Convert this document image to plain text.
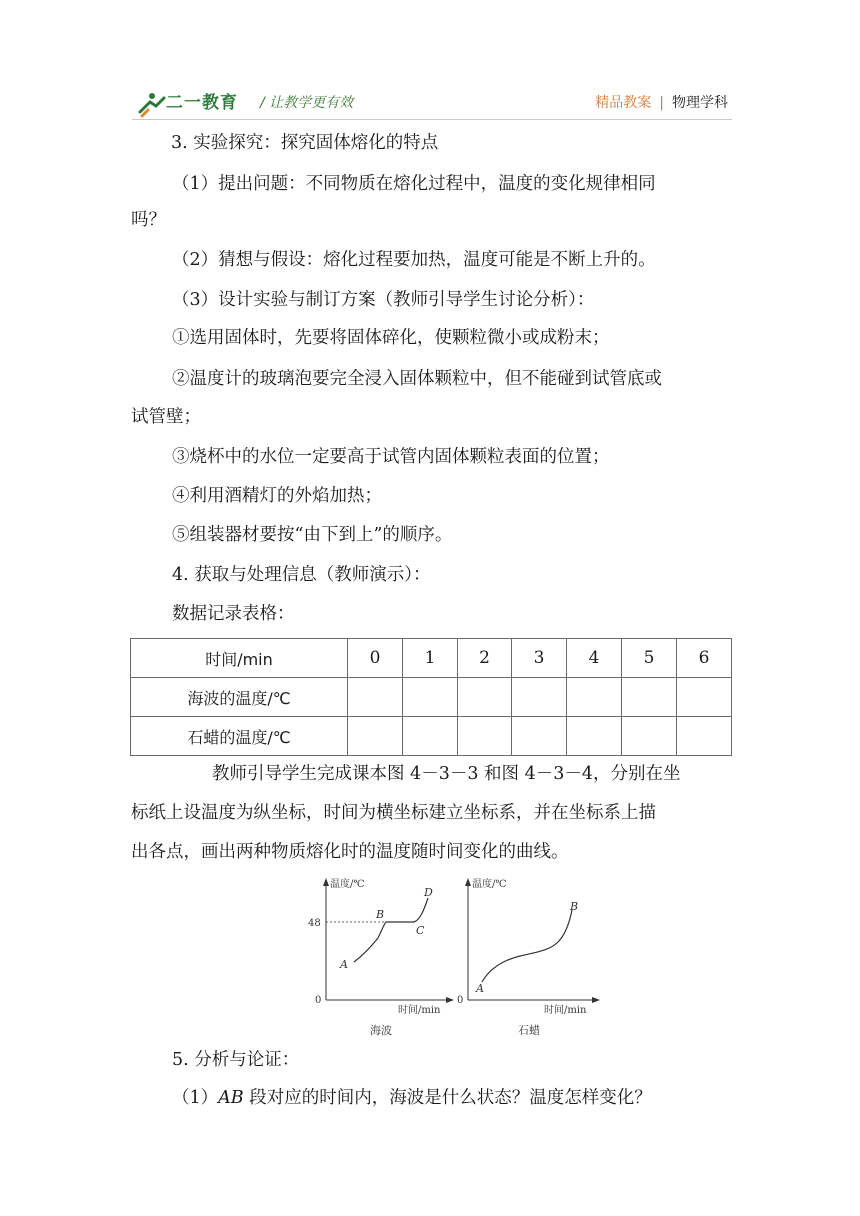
二一教育 / 让教学更有效	精品教案 | 物理学科
3. 实验探究：探究固体熔化的特点
（1）提出问题：不同物质在熔化过程中，温度的变化规律相同
吗？
（2）猜想与假设：熔化过程要加热，温度可能是不断上升的。
（3）设计实验与制订方案（教师引导学生讨论分析）：
①选用固体时，先要将固体碎化，使颗粒微小或成粉末；
②温度计的玻璃泡要完全浸入固体颗粒中，但不能碰到试管底或
试管壁；
③烧杯中的水位一定要高于试管内固体颗粒表面的位置；
④利用酒精灯的外焰加热；
⑤组装器材要按“由下到上”的顺序。
4. 获取与处理信息（教师演示）：
数据记录表格：
时间/min	0	1	2	3	4	5	6
海波的温度/℃							
石蜡的温度/℃							
教师引导学生完成课本图 4－3－3 和图 4－3－4，分别在坐
标纸上设温度为纵坐标，时间为横坐标建立坐标系，并在坐标系上描
出各点，画出两种物质熔化时的温度随时间变化的曲线。
温度/℃
时间/min
0
48
A
B
C
D
海波
温度/℃
时间/min
0
A
B
石蜡
5. 分析与论证：
（1）AB 段对应的时间内，海波是什么状态？温度怎样变化？
